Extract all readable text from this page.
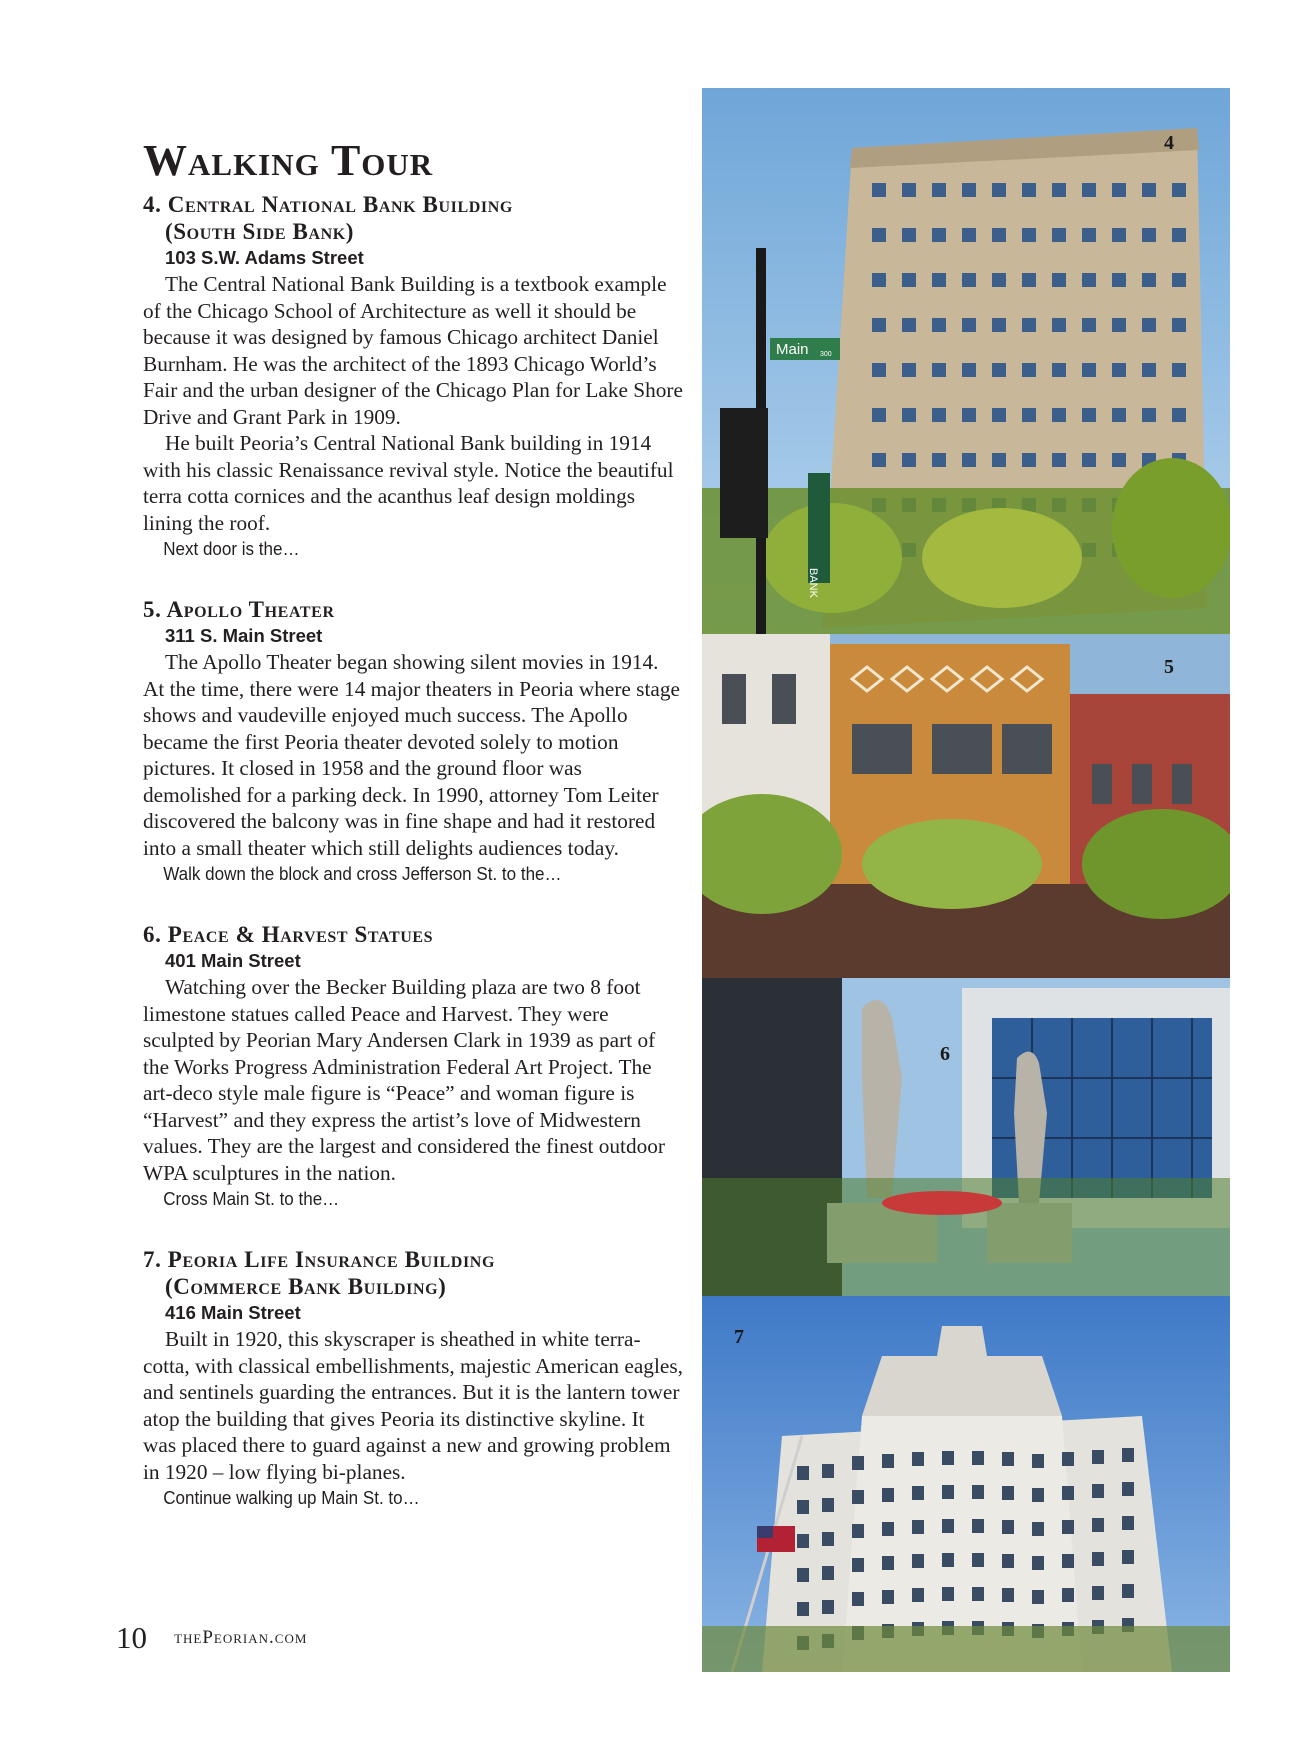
Walking Tour
4. Central National Bank Building
(South Side Bank)

103 S.W. Adams Street

The Central National Bank Building is a textbook example of the Chicago School of Architecture as well it should be because it was designed by famous Chicago architect Daniel Burnham. He was the architect of the 1893 Chicago World’s Fair and the urban designer of the Chicago Plan for Lake Shore Drive and Grant Park in 1909.

He built Peoria’s Central National Bank building in 1914 with his classic Renaissance revival style. Notice the beautiful terra cotta cornices and the acanthus leaf design moldings lining the roof.

Next door is the…

5. Apollo Theater

311 S. Main Street

The Apollo Theater began showing silent movies in 1914. At the time, there were 14 major theaters in Peoria where stage shows and vaudeville enjoyed much success. The Apollo became the first Peoria theater devoted solely to motion pictures. It closed in 1958 and the ground floor was demolished for a parking deck. In 1990, attorney Tom Leiter discovered the balcony was in fine shape and had it restored into a small theater which still delights audiences today.

Walk down the block and cross Jefferson St. to the…

6. Peace & Harvest Statues

401 Main Street

Watching over the Becker Building plaza are two 8 foot limestone statues called Peace and Harvest. They were sculpted by Peorian Mary Andersen Clark in 1939 as part of the Works Progress Administration Federal Art Project. The art-deco style male figure is “Peace” and woman figure is “Harvest” and they express the artist’s love of Midwestern values. They are the largest and considered the finest outdoor WPA sculptures in the nation.

Cross Main St. to the…

7. Peoria Life Insurance Building
(Commerce Bank Building)

416 Main Street

Built in 1920, this skyscraper is sheathed in white terra-cotta, with classical embellishments, majestic American eagles, and sentinels guarding the entrances. But it is the lantern tower atop the building that gives Peoria its distinctive skyline. It was placed there to guard against a new and growing problem in 1920 – low flying bi-planes.

Continue walking up Main St. to…

Main 300
BANK
4
5
6
7
10 thePeorian.com
